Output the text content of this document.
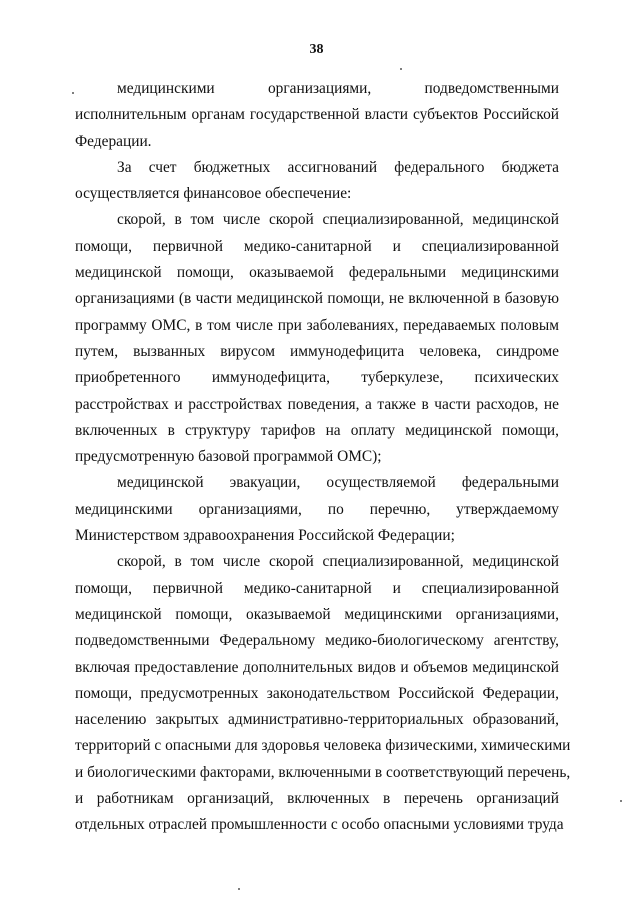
38
медицинскими организациями, подведомственными
исполнительным органам государственной власти субъектов Российской
Федерации.
За счет бюджетных ассигнований федерального бюджета
осуществляется финансовое обеспечение:
скорой, в том числе скорой специализированной, медицинской
помощи, первичной медико-санитарной и специализированной
медицинской помощи, оказываемой федеральными медицинскими
организациями (в части медицинской помощи, не включенной в базовую
программу ОМС, в том числе при заболеваниях, передаваемых половым
путем, вызванных вирусом иммунодефицита человека, синдроме
приобретенного иммунодефицита, туберкулезе, психических
расстройствах и расстройствах поведения, а также в части расходов, не
включенных в структуру тарифов на оплату медицинской помощи,
предусмотренную базовой программой ОМС);
медицинской эвакуации, осуществляемой федеральными
медицинскими организациями, по перечню, утверждаемому
Министерством здравоохранения Российской Федерации;
скорой, в том числе скорой специализированной, медицинской
помощи, первичной медико-санитарной и специализированной
медицинской помощи, оказываемой медицинскими организациями,
подведомственными Федеральному медико-биологическому агентству,
включая предоставление дополнительных видов и объемов медицинской
помощи, предусмотренных законодательством Российской Федерации,
населению закрытых административно-территориальных образований,
территорий с опасными для здоровья человека физическими, химическими
и биологическими факторами, включенными в соответствующий перечень,
и работникам организаций, включенных в перечень организаций
отдельных отраслей промышленности с особо опасными условиями труда
